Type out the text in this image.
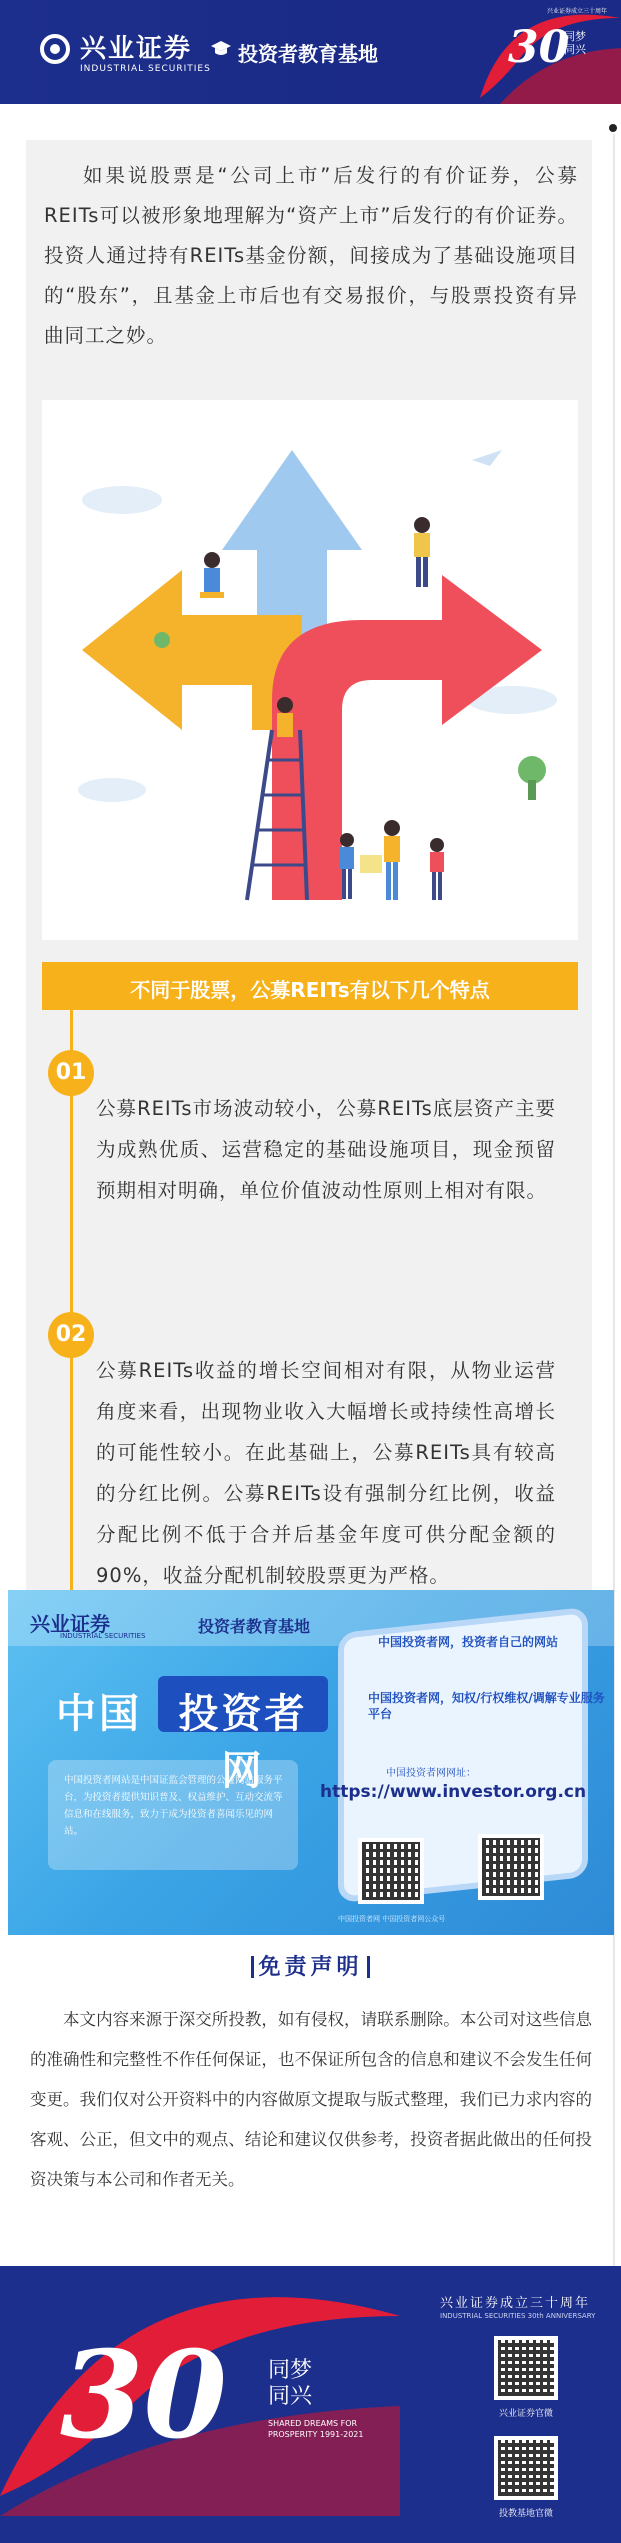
兴业证券
INDUSTRIAL SECURITIES
投资者教育基地
兴业证券成立三十周年
30
同梦 同兴

如果说股票是“公司上市”后发行的有价证券，公募REITs可以被形象地理解为“资产上市”后发行的有价证券。投资人通过持有REITs基金份额，间接成为了基础设施项目的“股东”，且基金上市后也有交易报价，与股票投资有异曲同工之妙。

不同于股票，公募REITs有以下几个特点
01

公募REITs市场波动较小，公募REITs底层资产主要为成熟优质、运营稳定的基础设施项目，现金预留预期相对明确，单位价值波动性原则上相对有限。

02

公募REITs收益的增长空间相对有限，从物业运营角度来看，出现物业收入大幅增长或持续性高增长的可能性较小。在此基础上，公募REITs具有较高的分红比例。公募REITs设有强制分红比例，收益分配比例不低于合并后基金年度可供分配金额的90%，收益分配机制较股票更为严格。

兴业证券
INDUSTRIAL SECURITIES	投资者教育基地
中国 投资者网

中国投资者网站是中国证监会管理的公益网站服务平台，为投资者提供知识普及、权益维护、互动交流等信息和在线服务，致力于成为投资者喜闻乐见的网站。

中国投资者网，投资者自己的网站
中国投资者网，知权/行权维权/调解专业服务平台
中国投资者网网址：
https://www.investor.org.cn
中国投资者网 中国投资者网公众号
免责声明

本文内容来源于深交所投教，如有侵权，请联系删除。本公司对这些信息的准确性和完整性不作任何保证，也不保证所包含的信息和建议不会发生任何变更。我们仅对公开资料中的内容做原文提取与版式整理，我们已力求内容的客观、公正，但文中的观点、结论和建议仅供参考，投资者据此做出的任何投资决策与本公司和作者无关。

30 同梦 同兴
SHARED DREAMS FOR PROSPERITY 1991-2021
兴业证券成立三十周年
INDUSTRIAL SECURITIES 30th ANNIVERSARY
兴业证券官微
投教基地官微
